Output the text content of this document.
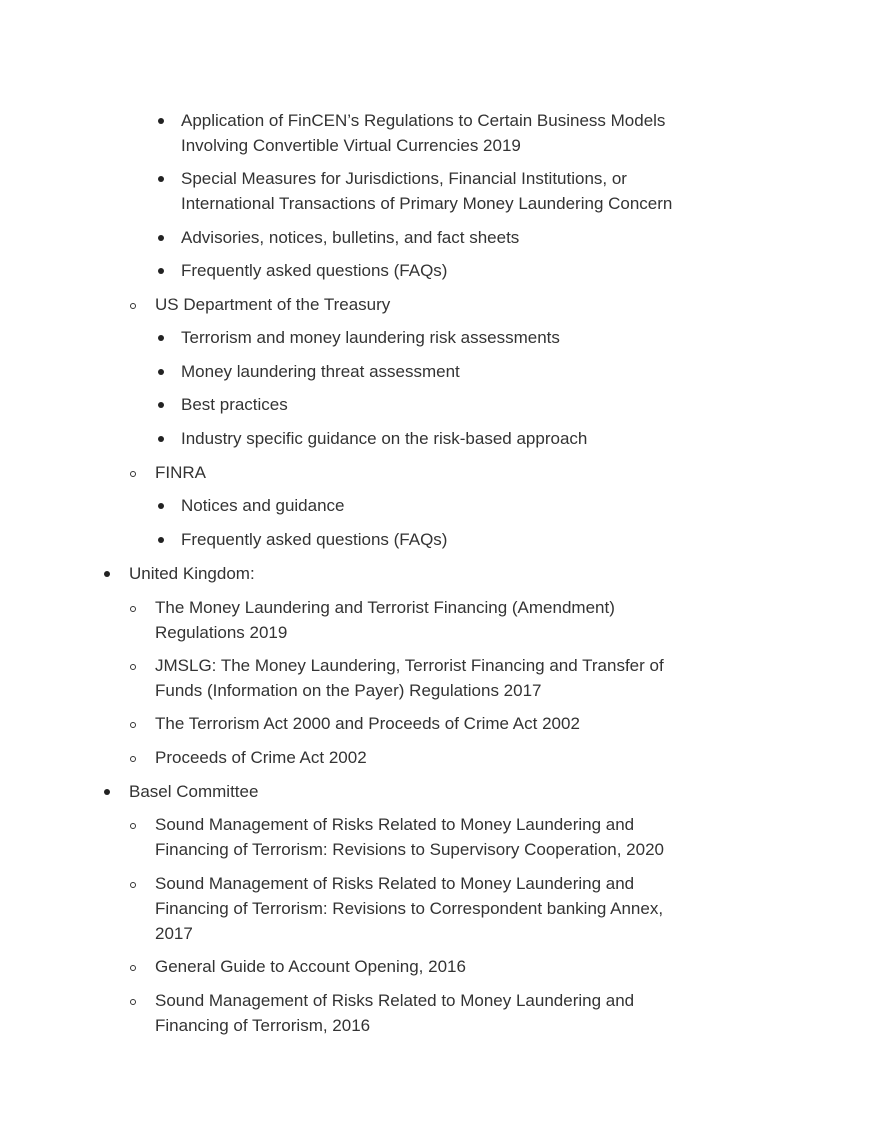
Application of FinCEN’s Regulations to Certain Business Models
Involving Convertible Virtual Currencies 2019
Special Measures for Jurisdictions, Financial Institutions, or
International Transactions of Primary Money Laundering Concern
Advisories, notices, bulletins, and fact sheets
Frequently asked questions (FAQs)
US Department of the Treasury
Terrorism and money laundering risk assessments
Money laundering threat assessment
Best practices
Industry specific guidance on the risk-based approach
FINRA
Notices and guidance
Frequently asked questions (FAQs)
United Kingdom:
The Money Laundering and Terrorist Financing (Amendment)
Regulations 2019
JMSLG: The Money Laundering, Terrorist Financing and Transfer of
Funds (Information on the Payer) Regulations 2017
The Terrorism Act 2000 and Proceeds of Crime Act 2002
Proceeds of Crime Act 2002
Basel Committee
Sound Management of Risks Related to Money Laundering and
Financing of Terrorism: Revisions to Supervisory Cooperation, 2020
Sound Management of Risks Related to Money Laundering and
Financing of Terrorism: Revisions to Correspondent banking Annex,
2017
General Guide to Account Opening, 2016
Sound Management of Risks Related to Money Laundering and
Financing of Terrorism, 2016
